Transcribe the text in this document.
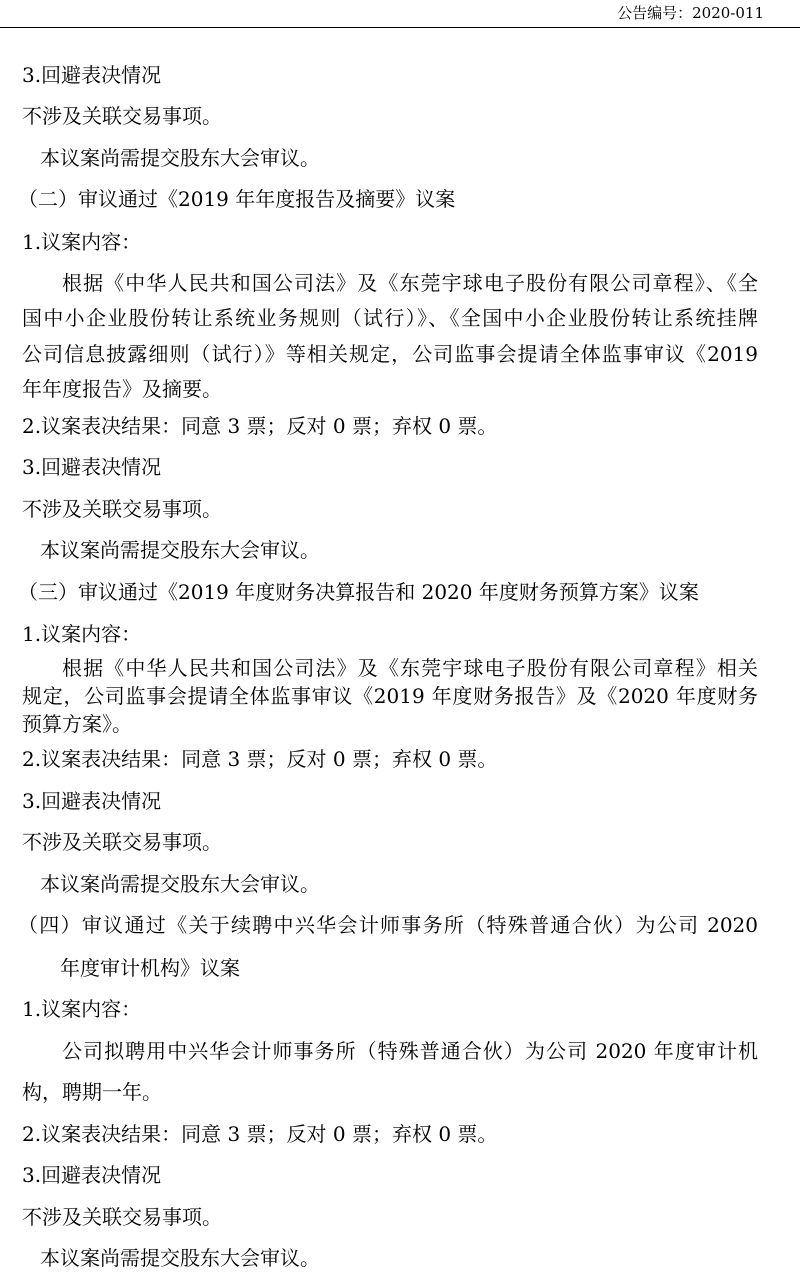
公告编号：2020-011
3.回避表决情况
不涉及关联交易事项。
本议案尚需提交股东大会审议。
（二）审议通过《2019 年年度报告及摘要》议案
1.议案内容：
根据《中华人民共和国公司法》及《东莞宇球电子股份有限公司章程》、《全
国中小企业股份转让系统业务规则（试行）》、《全国中小企业股份转让系统挂牌
公司信息披露细则（试行）》等相关规定，公司监事会提请全体监事审议《2019
年年度报告》及摘要。
2.议案表决结果：同意 3 票；反对 0 票；弃权 0 票。
3.回避表决情况
不涉及关联交易事项。
本议案尚需提交股东大会审议。
（三）审议通过《2019 年度财务决算报告和 2020 年度财务预算方案》议案
1.议案内容：
根据《中华人民共和国公司法》及《东莞宇球电子股份有限公司章程》相关
规定，公司监事会提请全体监事审议《2019 年度财务报告》及《2020 年度财务
预算方案》。
2.议案表决结果：同意 3 票；反对 0 票；弃权 0 票。
3.回避表决情况
不涉及关联交易事项。
本议案尚需提交股东大会审议。
（四）审议通过《关于续聘中兴华会计师事务所（特殊普通合伙）为公司 2020
年度审计机构》议案
1.议案内容：
公司拟聘用中兴华会计师事务所（特殊普通合伙）为公司 2020 年度审计机
构，聘期一年。
2.议案表决结果：同意 3 票；反对 0 票；弃权 0 票。
3.回避表决情况
不涉及关联交易事项。
本议案尚需提交股东大会审议。
